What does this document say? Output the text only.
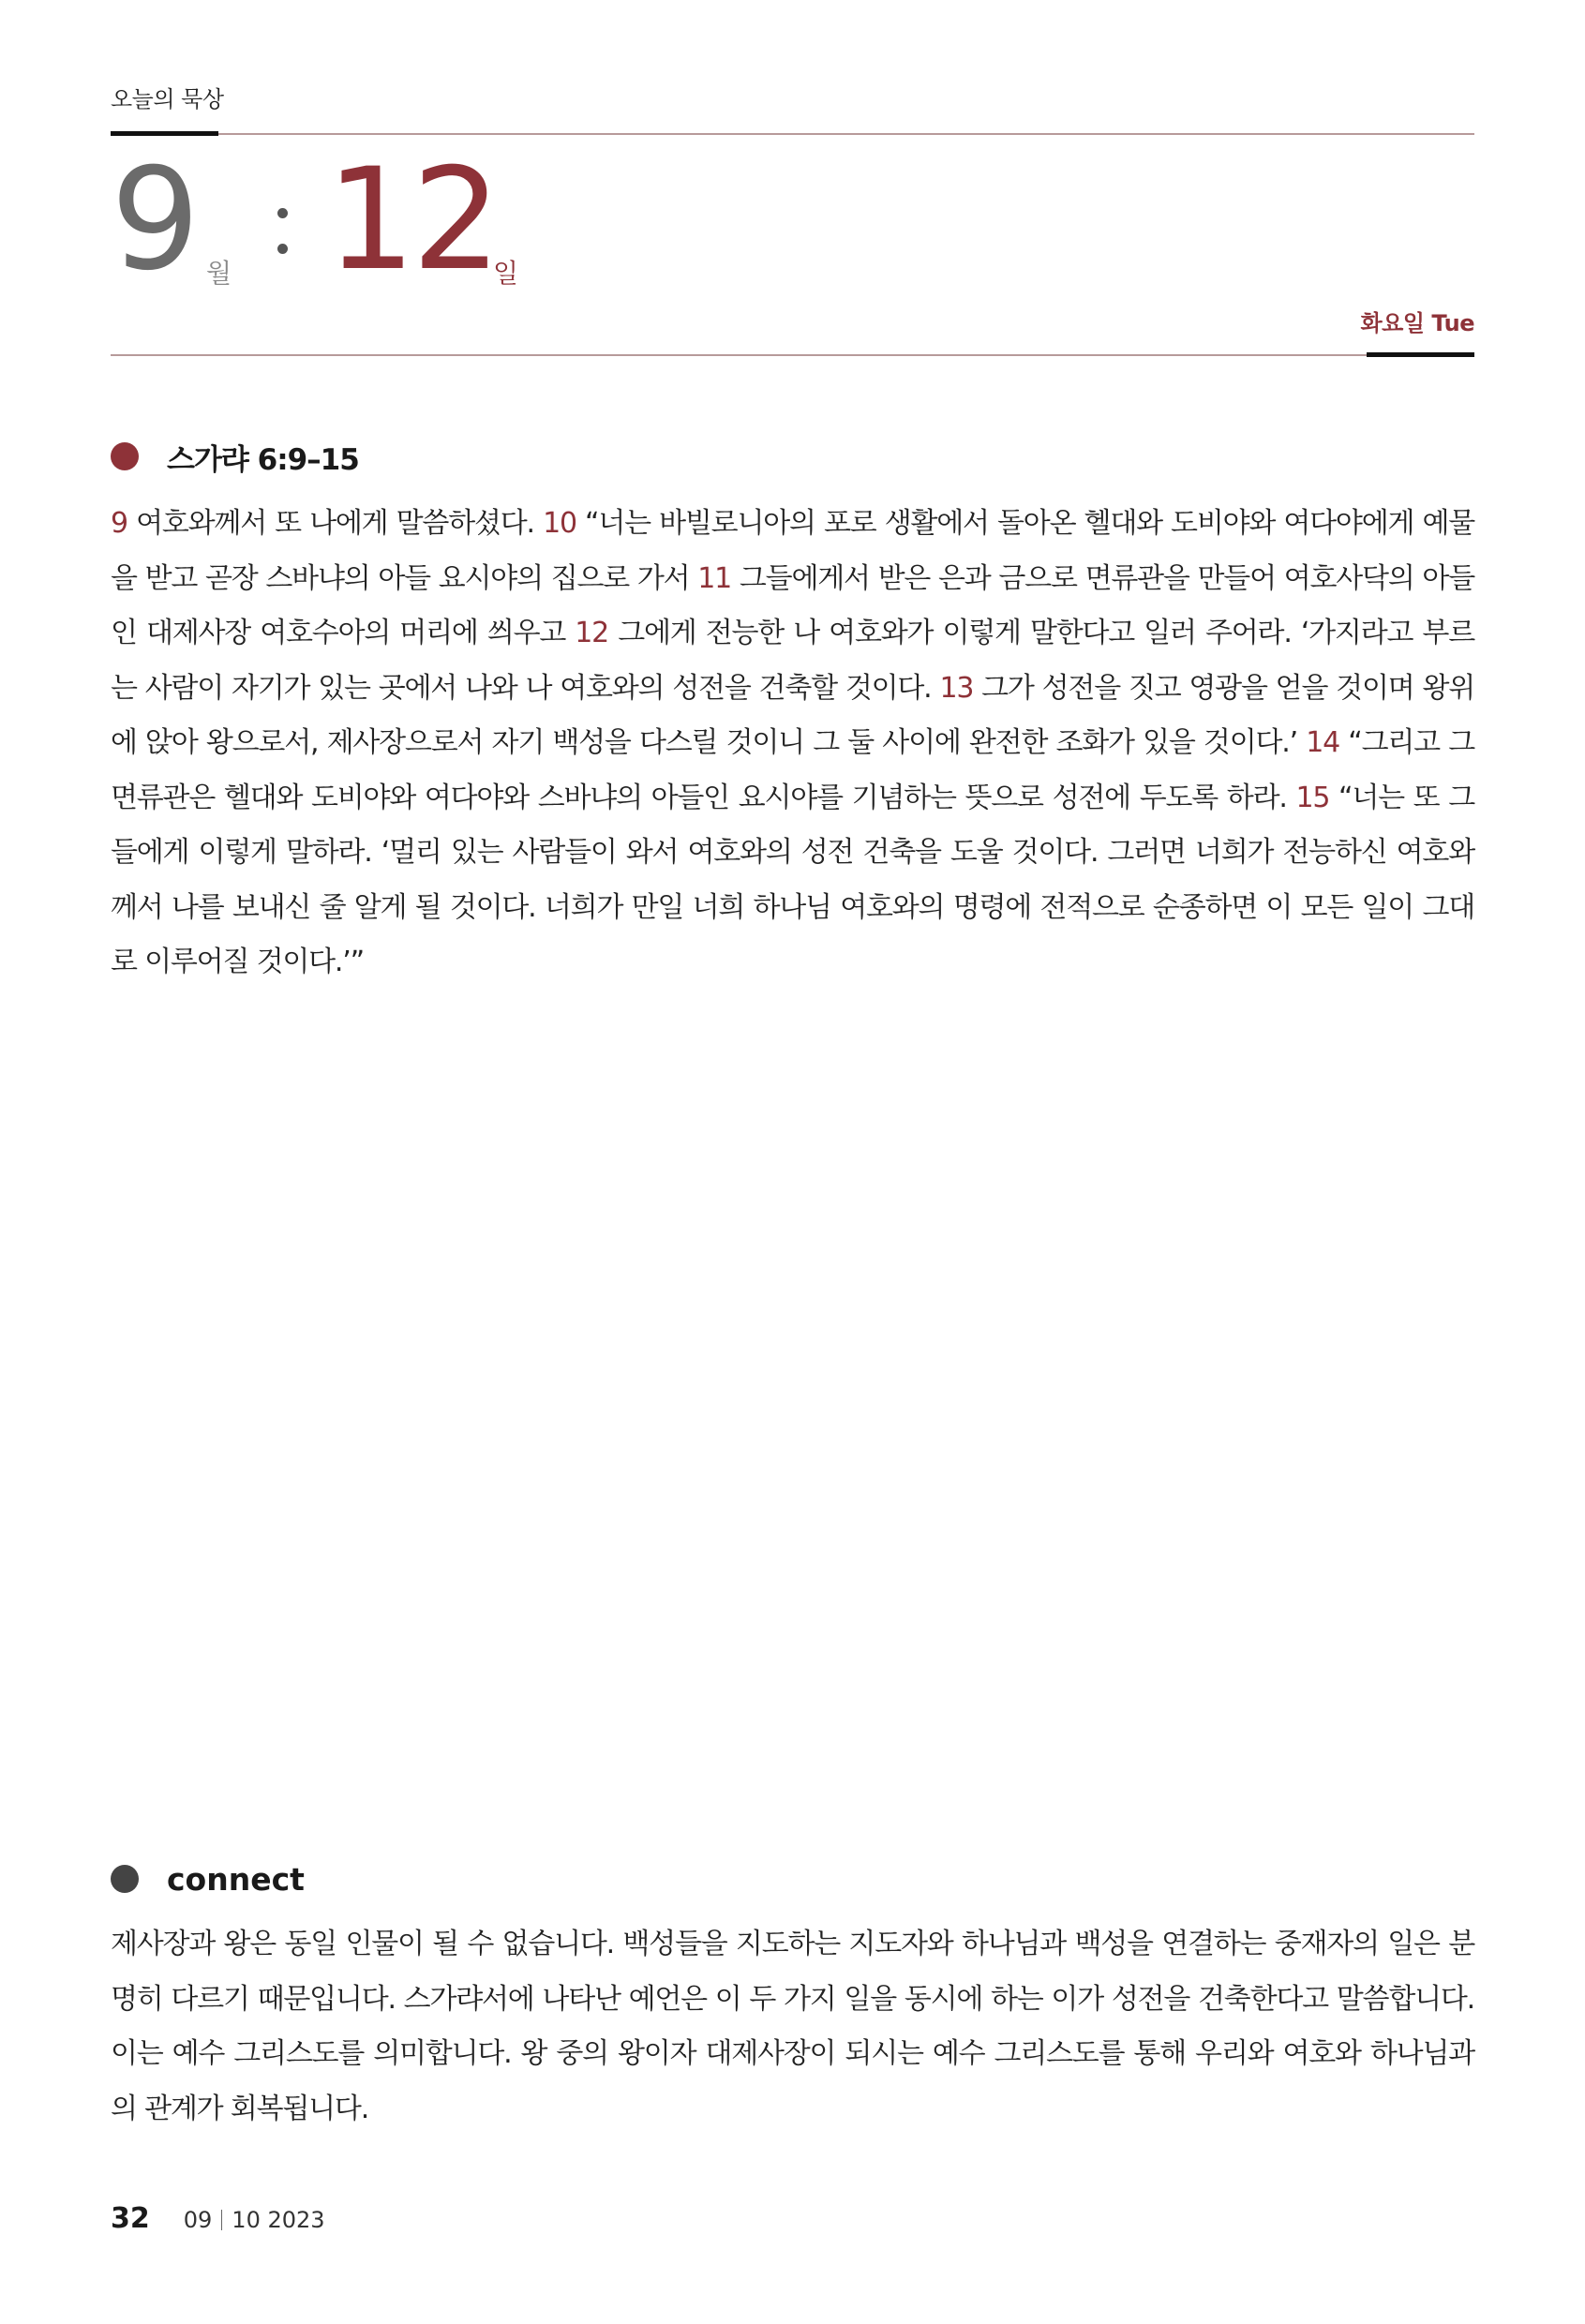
오늘의 묵상
9 월 12
일
화요일 Tue
스가랴 6:9–15
9 여호와께서 또 나에게 말씀하셨다. 10 “너는 바빌로니아의 포로 생활에서 돌아온 헬대와 도비야와 여다야에게 예물을 받고 곧장 스바냐의 아들 요시야의 집으로 가서 11 그들에게서 받은 은과 금으로 면류관을 만들어 여호사닥의 아들인 대제사장 여호수아의 머리에 씌우고 12 그에게 전능한 나 여호와가 이렇게 말한다고 일러 주어라. ‘가지라고 부르는 사람이 자기가 있는 곳에서 나와 나 여호와의 성전을 건축할 것이다. 13 그가 성전을 짓고 영광을 얻을 것이며 왕위에 앉아 왕으로서, 제사장으로서 자기 백성을 다스릴 것이니 그 둘 사이에 완전한 조화가 있을 것이다.’ 14 “그리고 그 면류관은 헬대와 도비야와 여다야와 스바냐의 아들인 요시야를 기념하는 뜻으로 성전에 두도록 하라. 15 “너는 또 그들에게 이렇게 말하라. ‘멀리 있는 사람들이 와서 여호와의 성전 건축을 도울 것이다. 그러면 너희가 전능하신 여호와께서 나를 보내신 줄 알게 될 것이다. 너희가 만일 너희 하나님 여호와의 명령에 전적으로 순종하면 이 모든 일이 그대로 이루어질 것이다.’”
connect
제사장과 왕은 동일 인물이 될 수 없습니다. 백성들을 지도하는 지도자와 하나님과 백성을 연결하는 중재자의 일은 분명히 다르기 때문입니다. 스가랴서에 나타난 예언은 이 두 가지 일을 동시에 하는 이가 성전을 건축한다고 말씀합니다. 이는 예수 그리스도를 의미합니다. 왕 중의 왕이자 대제사장이 되시는 예수 그리스도를 통해 우리와 여호와 하나님과의 관계가 회복됩니다.
32 09 10 2023
